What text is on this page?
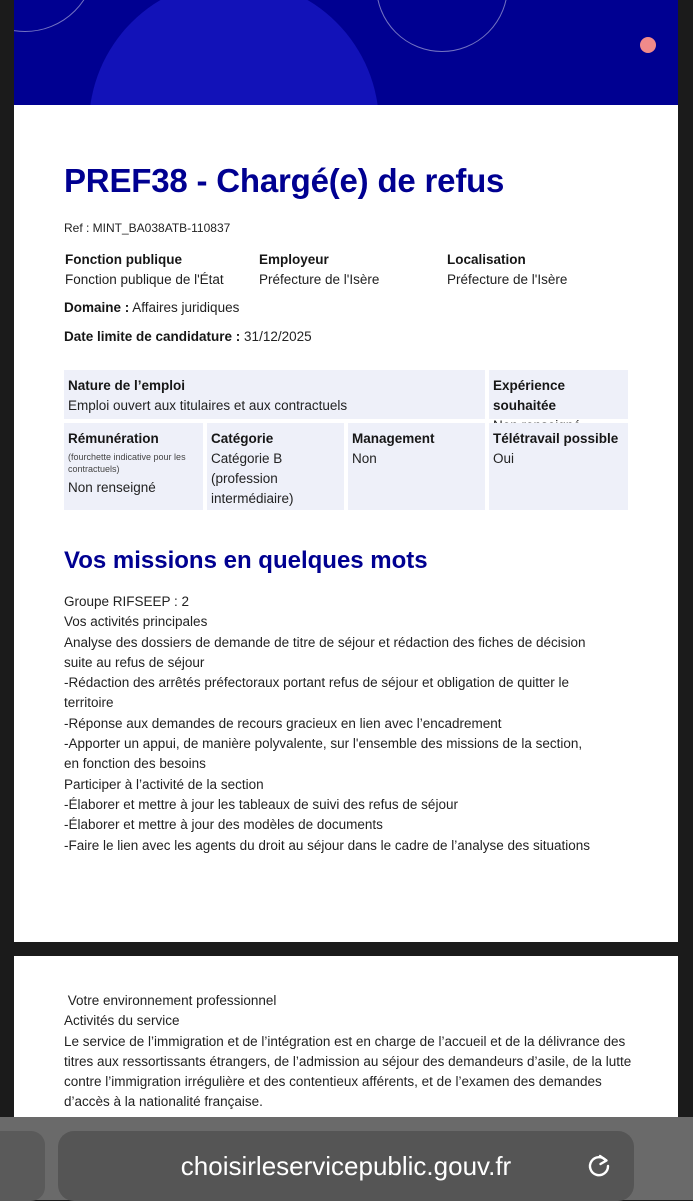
PREF38 - Chargé(e) de refus
Ref : MINT_BA038ATB-110837
Fonction publique
Fonction publique de l'État
Employeur
Préfecture de l'Isère
Localisation
Préfecture de l'Isère
Domaine : Affaires juridiques
Date limite de candidature : 31/12/2025
Nature de l’emploi
Emploi ouvert aux titulaires et aux contractuels
Expérience souhaitée
Rémunération
(fourchette indicative pour les contractuels)
Non renseigné
Catégorie
Catégorie B (profession intermédiaire)
Management
Non
Télétravail possible
Oui
Vos missions en quelques mots
Groupe RIFSEEP : 2
Vos activités principales
Analyse des dossiers de demande de titre de séjour et rédaction des fiches de décision
suite au refus de séjour
-Rédaction des arrêtés préfectoraux portant refus de séjour et obligation de quitter le
territoire
-Réponse aux demandes de recours gracieux en lien avec l’encadrement
-Apporter un appui, de manière polyvalente, sur l'ensemble des missions de la section,
en fonction des besoins
Participer à l’activité de la section
-Élaborer et mettre à jour les tableaux de suivi des refus de séjour
-Élaborer et mettre à jour des modèles de documents
-Faire le lien avec les agents du droit au séjour dans le cadre de l’analyse des situations
Votre environnement professionnel
Activités du service
Le service de l’immigration et de l’intégration est en charge de l’accueil et de la délivrance des
titres aux ressortissants étrangers, de l’admission au séjour des demandeurs d’asile, de la lutte
contre l’immigration irrégulière et des contentieux afférents, et de l’examen des demandes
d’accès à la nationalité française.
choisirleservicepublic.gouv.fr
